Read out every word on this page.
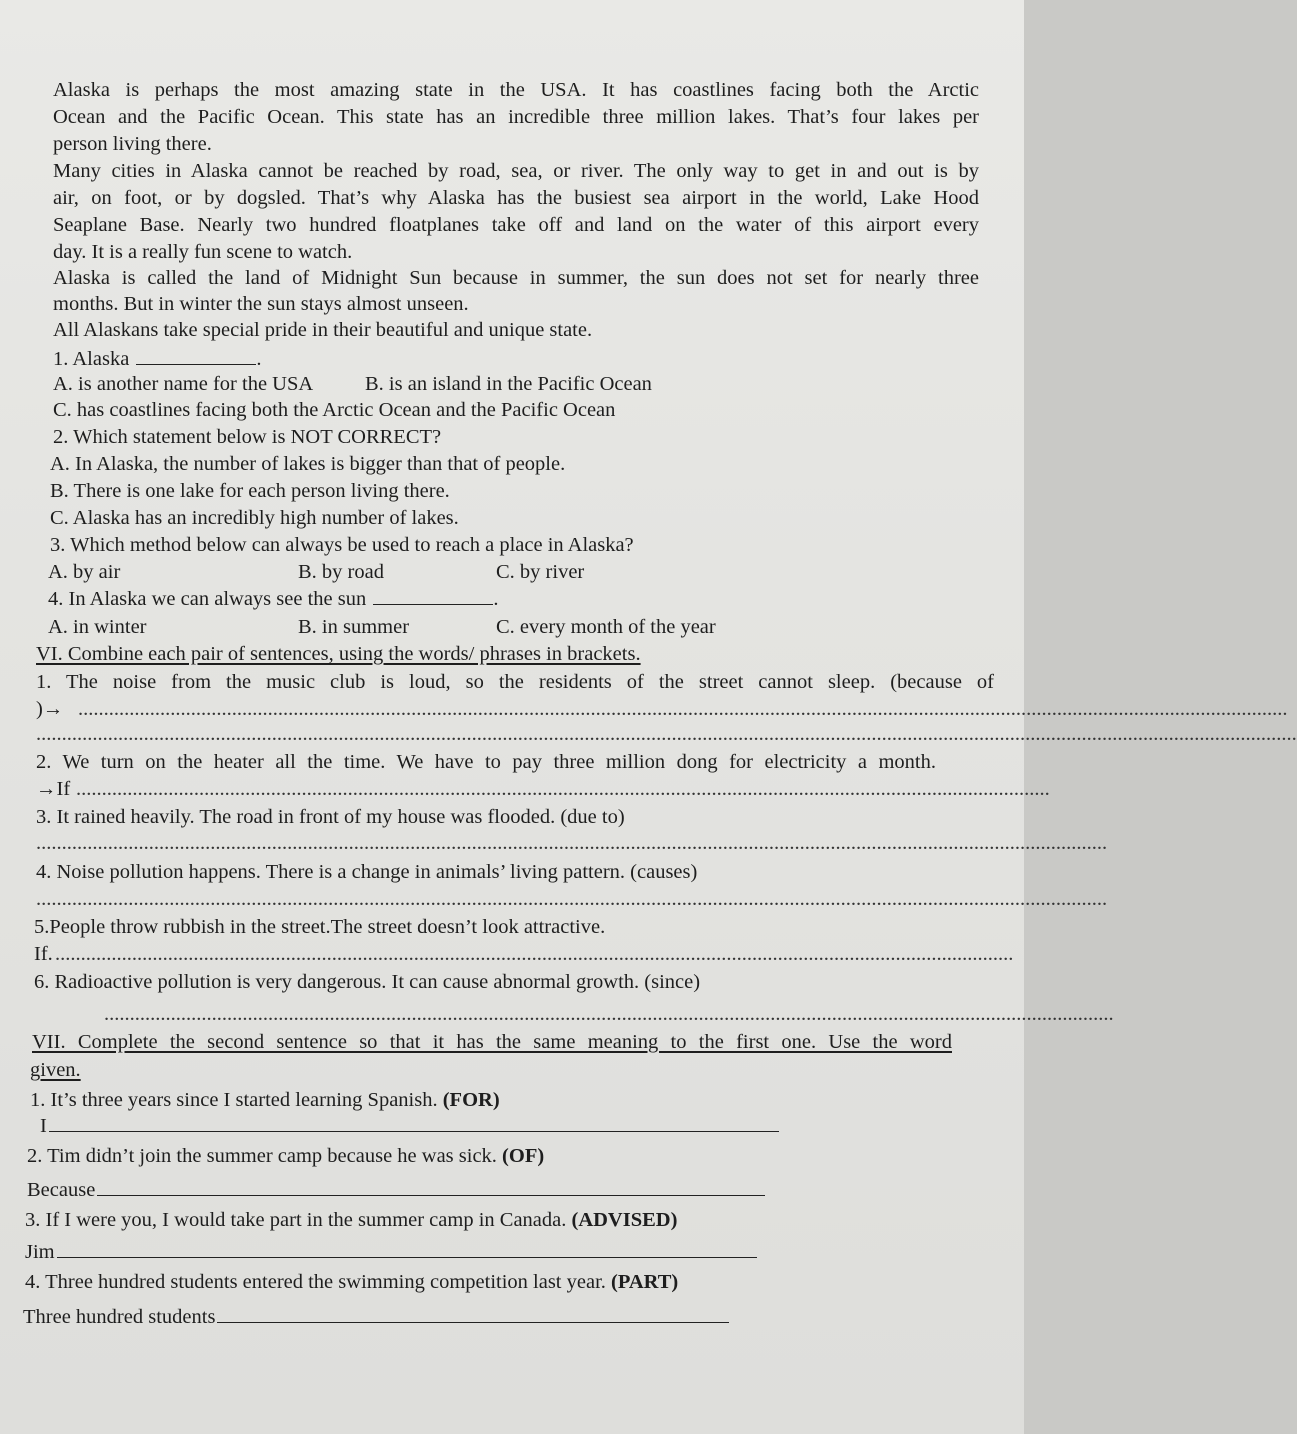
Alaska is perhaps the most amazing state in the USA. It has coastlines facing both the Arctic
Ocean and the Pacific Ocean. This state has an incredible three million lakes. That’s four lakes per
person living there.
Many cities in Alaska cannot be reached by road, sea, or river. The only way to get in and out is by
air, on foot, or by dogsled. That’s why Alaska has the busiest sea airport in the world, Lake Hood
Seaplane Base. Nearly two hundred floatplanes take off and land on the water of this airport every
day. It is a really fun scene to watch.
Alaska is called the land of Midnight Sun because in summer, the sun does not set for nearly three
months. But in winter the sun stays almost unseen.
All Alaskans take special pride in their beautiful and unique state.
1. Alaska	.
A. is another name for the USA	B. is an island in the Pacific Ocean
C. has coastlines facing both the Arctic Ocean and the Pacific Ocean
2. Which statement below is NOT CORRECT?
A. In Alaska, the number of lakes is bigger than that of people.
B. There is one lake for each person living there.
C. Alaska has an incredibly high number of lakes.
3. Which method below can always be used to reach a place in Alaska?
A. by air	B. by road	C. by river
4. In Alaska we can always see the sun	.
A. in winter	B. in summer	C. every month of the year
VI. Combine each pair of sentences, using the words/ phrases in brackets.
1. The noise from the music club is loud, so the residents of the street cannot sleep. (because of
)→ ............................................................................................................................................................................................................................................
......................................................................................................................................................................................................................................................
2. We turn on the heater all the time. We have to pay three million dong for electricity a month.
→If ..............................................................................................................................................................................................
3. It rained heavily. The road in front of my house was flooded. (due to)
.................................................................................................................................................................................................................
4. Noise pollution happens. There is a change in animals’ living pattern. (causes)
.................................................................................................................................................................................................................
5.People throw rubbish in the street.The street doesn’t look attractive.
If. ...........................................................................................................................................................................................
6. Radioactive pollution is very dangerous. It can cause abnormal growth. (since)
.....................................................................................................................................................................................................
VII. Complete the second sentence so that it has the same meaning to the first one. Use the word
given.
1. It’s three years since I started learning Spanish. (FOR)
I
2. Tim didn’t join the summer camp because he was sick. (OF)
Because
3. If I were you, I would take part in the summer camp in Canada. (ADVISED)
Jim
4. Three hundred students entered the swimming competition last year. (PART)
Three hundred students
